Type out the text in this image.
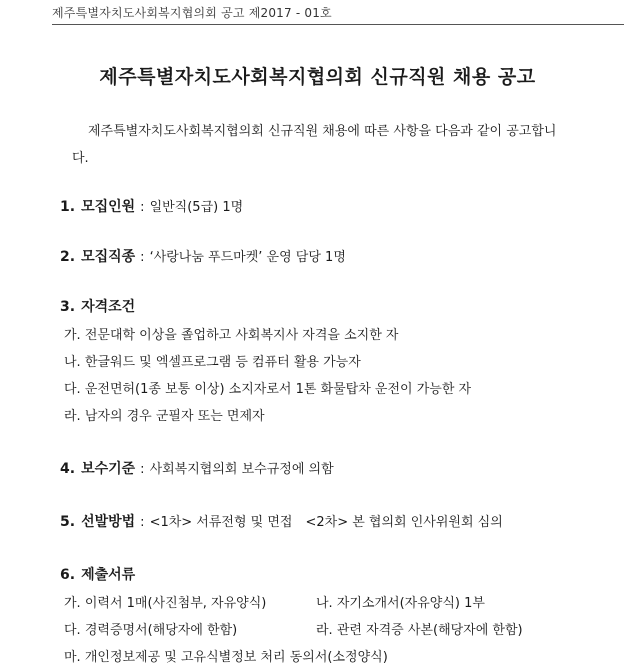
제주특별자치도사회복지협의회 공고 제2017 - 01호
제주특별자치도사회복지협의회 신규직원 채용 공고
제주특별자치도사회복지협의회 신규직원 채용에 따른 사항을 다음과 같이 공고합니다.
1. 모집인원 : 일반직(5급) 1명
2. 모집직종 : ‘사랑나눔 푸드마켓’ 운영 담당 1명
3. 자격조건
가. 전문대학 이상을 졸업하고 사회복지사 자격을 소지한 자
나. 한글워드 및 엑셀프로그램 등 컴퓨터 활용 가능자
다. 운전면허(1종 보통 이상) 소지자로서 1톤 화물탑차 운전이 가능한 자
라. 남자의 경우 군필자 또는 면제자
4. 보수기준 : 사회복지협의회 보수규정에 의함
5. 선발방법 : <1차> 서류전형 및 면접　<2차> 본 협의회 인사위원회 심의
6. 제출서류
가. 이력서 1매(사진첨부, 자유양식)	나. 자기소개서(자유양식) 1부
다. 경력증명서(해당자에 한함)	라. 관련 자격증 사본(해당자에 한함)
마. 개인정보제공 및 고유식별정보 처리 동의서(소정양식)
